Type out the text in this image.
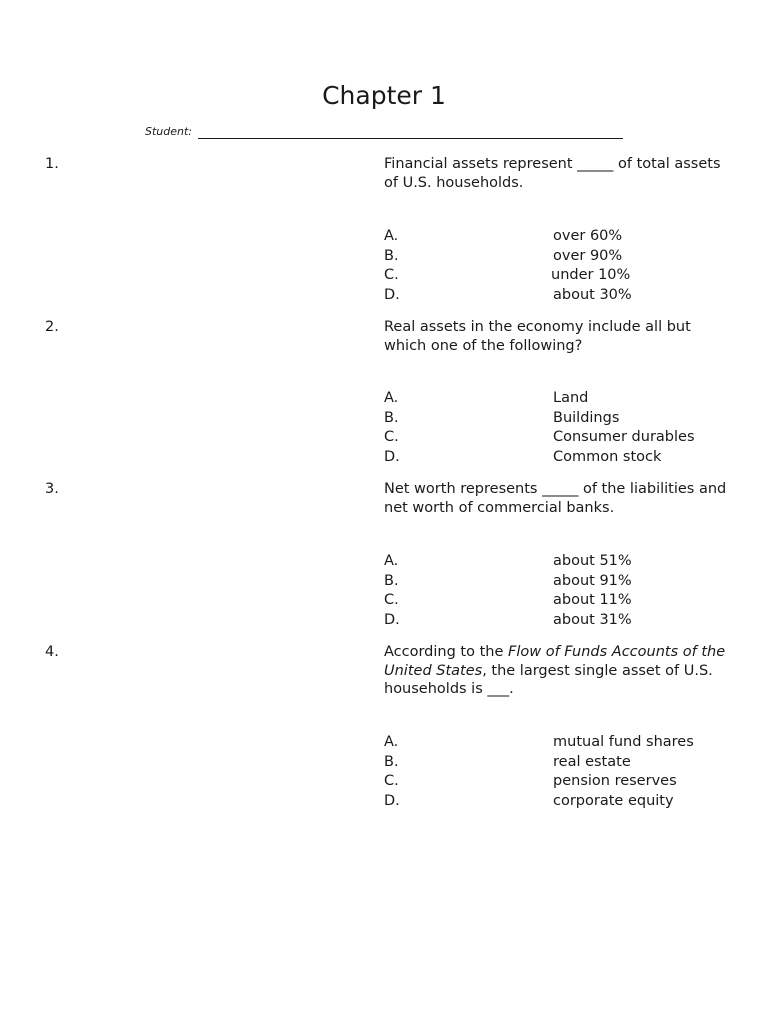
Chapter 1
Student:
1.	Financial assets represent _____ of total assets of U.S. households.
A.	over 60%
B.	over 90%
C.	under 10%
D.	about 30%
2.	Real assets in the economy include all but which one of the following?
A.	Land
B.	Buildings
C.	Consumer durables
D.	Common stock
3.	Net worth represents _____ of the liabilities and net worth of commercial banks.
A.	about 51%
B.	about 91%
C.	about 11%
D.	about 31%
4.	According to the Flow of Funds Accounts of the United States, the largest single asset of U.S. households is ___.
A.	mutual fund shares
B.	real estate
C.	pension reserves
D.	corporate equity
